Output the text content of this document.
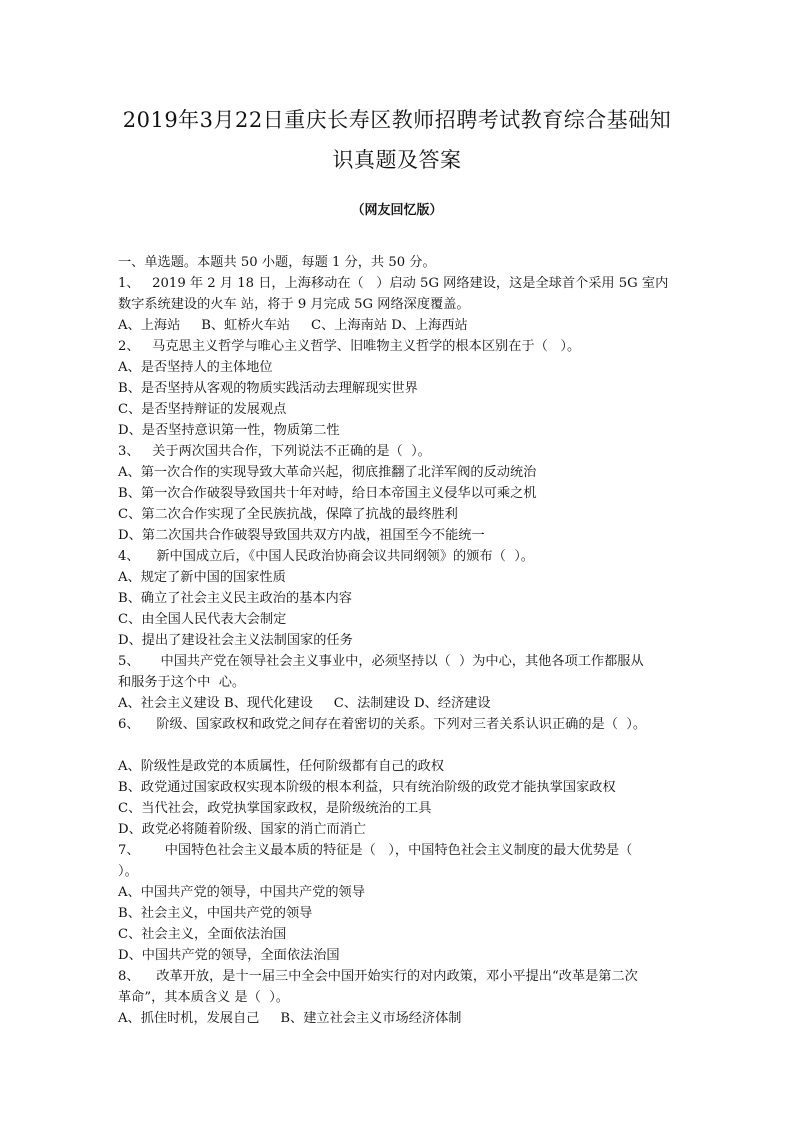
2019年3月22日重庆长寿区教师招聘考试教育综合基础知
识真题及答案
（网友回忆版）
一、单选题。本题共 50 小题，每题 1 分，共 50 分。
1、   2019 年 2 月 18 日，上海移动在（   ）启动 5G 网络建设，这是全球首个采用 5G 室内
数字系统建设的火车 站，将于 9 月完成 5G 网络深度覆盖。
A、上海站     B、虹桥火车站     C、上海南站 D、上海西站
2、   马克思主义哲学与唯心主义哲学、旧唯物主义哲学的根本区别在于（   ）。
A、是否坚持人的主体地位
B、是否坚持从客观的物质实践活动去理解现实世界
C、是否坚持辩证的发展观点
D、是否坚持意识第一性，物质第二性
3、   关于两次国共合作，下列说法不正确的是（  ）。
A、第一次合作的实现导致大革命兴起，彻底推翻了北洋军阀的反动统治
B、第一次合作破裂导致国共十年对峙，给日本帝国主义侵华以可乘之机
C、第二次合作实现了全民族抗战，保障了抗战的最终胜利
D、第二次国共合作破裂导致国共双方内战，祖国至今不能统一
4、    新中国成立后，《中国人民政治协商会议共同纲领》的颁布（  ）。
A、规定了新中国的国家性质
B、确立了社会主义民主政治的基本内容
C、由全国人民代表大会制定
D、提出了建设社会主义法制国家的任务
5、     中国共产党在领导社会主义事业中，必须坚持以（  ）为中心，其他各项工作都服从
和服务于这个中  心。
A、社会主义建设 B、现代化建设     C、法制建设 D、经济建设
6、    阶级、国家政权和政党之间存在着密切的关系。下列对三者关系认识正确的是（  ）。
A、阶级性是政党的本质属性，任何阶级都有自己的政权
B、政党通过国家政权实现本阶级的根本利益，只有统治阶级的政党才能执掌国家政权
C、当代社会，政党执掌国家政权，是阶级统治的工具
D、政党必将随着阶级、国家的消亡而消亡
7、      中国特色社会主义最本质的特征是（   ），中国特色社会主义制度的最大优势是（
）。
A、中国共产党的领导，中国共产党的领导
B、社会主义，中国共产党的领导
C、社会主义，全面依法治国
D、中国共产党的领导，全面依法治国
8、    改革开放，是十一届三中全会中国开始实行的对内政策，邓小平提出“改革是第二次
革命”，其本质含义 是（  ）。
A、抓住时机，发展自己     B、建立社会主义市场经济体制
